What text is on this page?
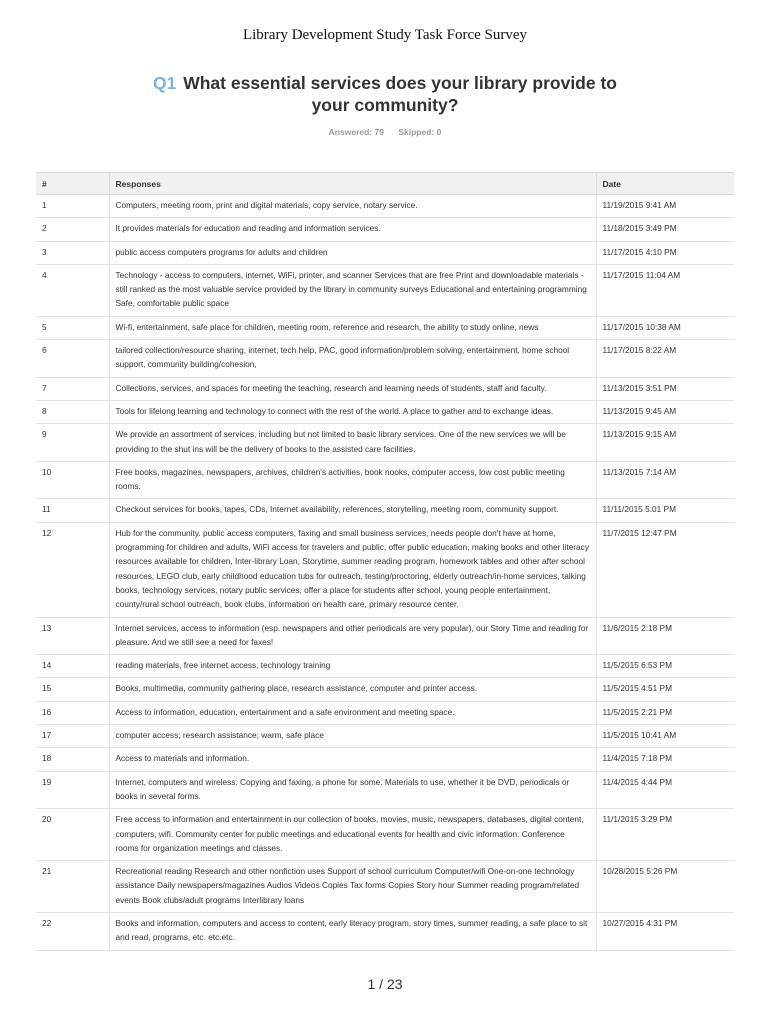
Library Development Study Task Force Survey
Q1 What essential services does your library provide to your community?
Answered: 79 Skipped: 0
#	Responses	Date
1	Computers, meeting room, print and digital materials, copy service, notary service.	11/19/2015 9:41 AM
2	It provides materials for education and reading and information services.	11/18/2015 3:49 PM
3	public access computers programs for adults and children	11/17/2015 4:10 PM
4	Technology - access to computers, internet, WiFi, printer, and scanner Services that are free Print and downloadable materials - still ranked as the most valuable service provided by the library in community surveys Educational and entertaining programming Safe, comfortable public space	11/17/2015 11:04 AM
5	Wi-fi, entertainment, safe place for children, meeting room, reference and research, the ability to study online, news	11/17/2015 10:38 AM
6	tailored collection/resource sharing, internet, tech help, PAC, good information/problem solving, entertainment, home school support, community building/cohesion,	11/17/2015 8:22 AM
7	Collections, services, and spaces for meeting the teaching, research and learning needs of students, staff and faculty.	11/13/2015 3:51 PM
8	Tools for lifelong learning and technology to connect with the rest of the world. A place to gather and to exchange ideas.	11/13/2015 9:45 AM
9	We provide an assortment of services, including but not limited to basic library services. One of the new services we will be providing to the shut ins will be the delivery of books to the assisted care facilities.	11/13/2015 9:15 AM
10	Free books, magazines, newspapers, archives, children's activities, book nooks, computer access, low cost public meeting rooms.	11/13/2015 7:14 AM
11	Checkout services for books, tapes, CDs, Internet availability, references, storytelling, meeting room, community support.	11/11/2015 5:01 PM
12	Hub for the community. public access computers, faxing and small business services, needs people don't have at home, programming for children and adults, WiFi access for travelers and public, offer public education, making books and other literacy resources available for children, Inter-library Loan, Storytime, summer reading program, homework tables and other after school resources, LEGO club, early childhood education tubs for outreach, testing/proctoring, elderly outreach/in-home services, talking books, technology services, notary public services, offer a place for students after school, young people entertainment, county/rural school outreach, book clubs, information on health care, primary resource center.	11/7/2015 12:47 PM
13	Internet services, access to information (esp. newspapers and other periodicals are very popular), our Story Time and reading for pleasure. And we still see a need for faxes!	11/6/2015 2:18 PM
14	reading materials, free internet access, technology training	11/5/2015 6:53 PM
15	Books, multimedia, community gathering place, research assistance, computer and printer access.	11/5/2015 4:51 PM
16	Access to information, education, entertainment and a safe environment and meeting space.	11/5/2015 2:21 PM
17	computer access; research assistance; warm, safe place	11/5/2015 10:41 AM
18	Access to materials and information.	11/4/2015 7:18 PM
19	Internet, computers and wireless. Copying and faxing, a phone for some. Materials to use, whether it be DVD, periodicals or books in several forms.	11/4/2015 4:44 PM
20	Free access to information and entertainment in our collection of books, movies, music, newspapers, databases, digital content, computers, wifi. Community center for public meetings and educational events for health and civic information. Conference rooms for organization meetings and classes.	11/1/2015 3:29 PM
21	Recreational reading Research and other nonfiction uses Support of school curriculum Computer/wifi One-on-one technology assistance Daily newspapers/magazines Audios Videos Copies Tax forms Copies Story hour Summer reading program/related events Book clubs/adult programs Interlibrary loans	10/28/2015 5:26 PM
22	Books and information, computers and access to content, early literacy program, story times, summer reading, a safe place to sit and read, programs, etc. etc.etc.	10/27/2015 4:31 PM
1 / 23
